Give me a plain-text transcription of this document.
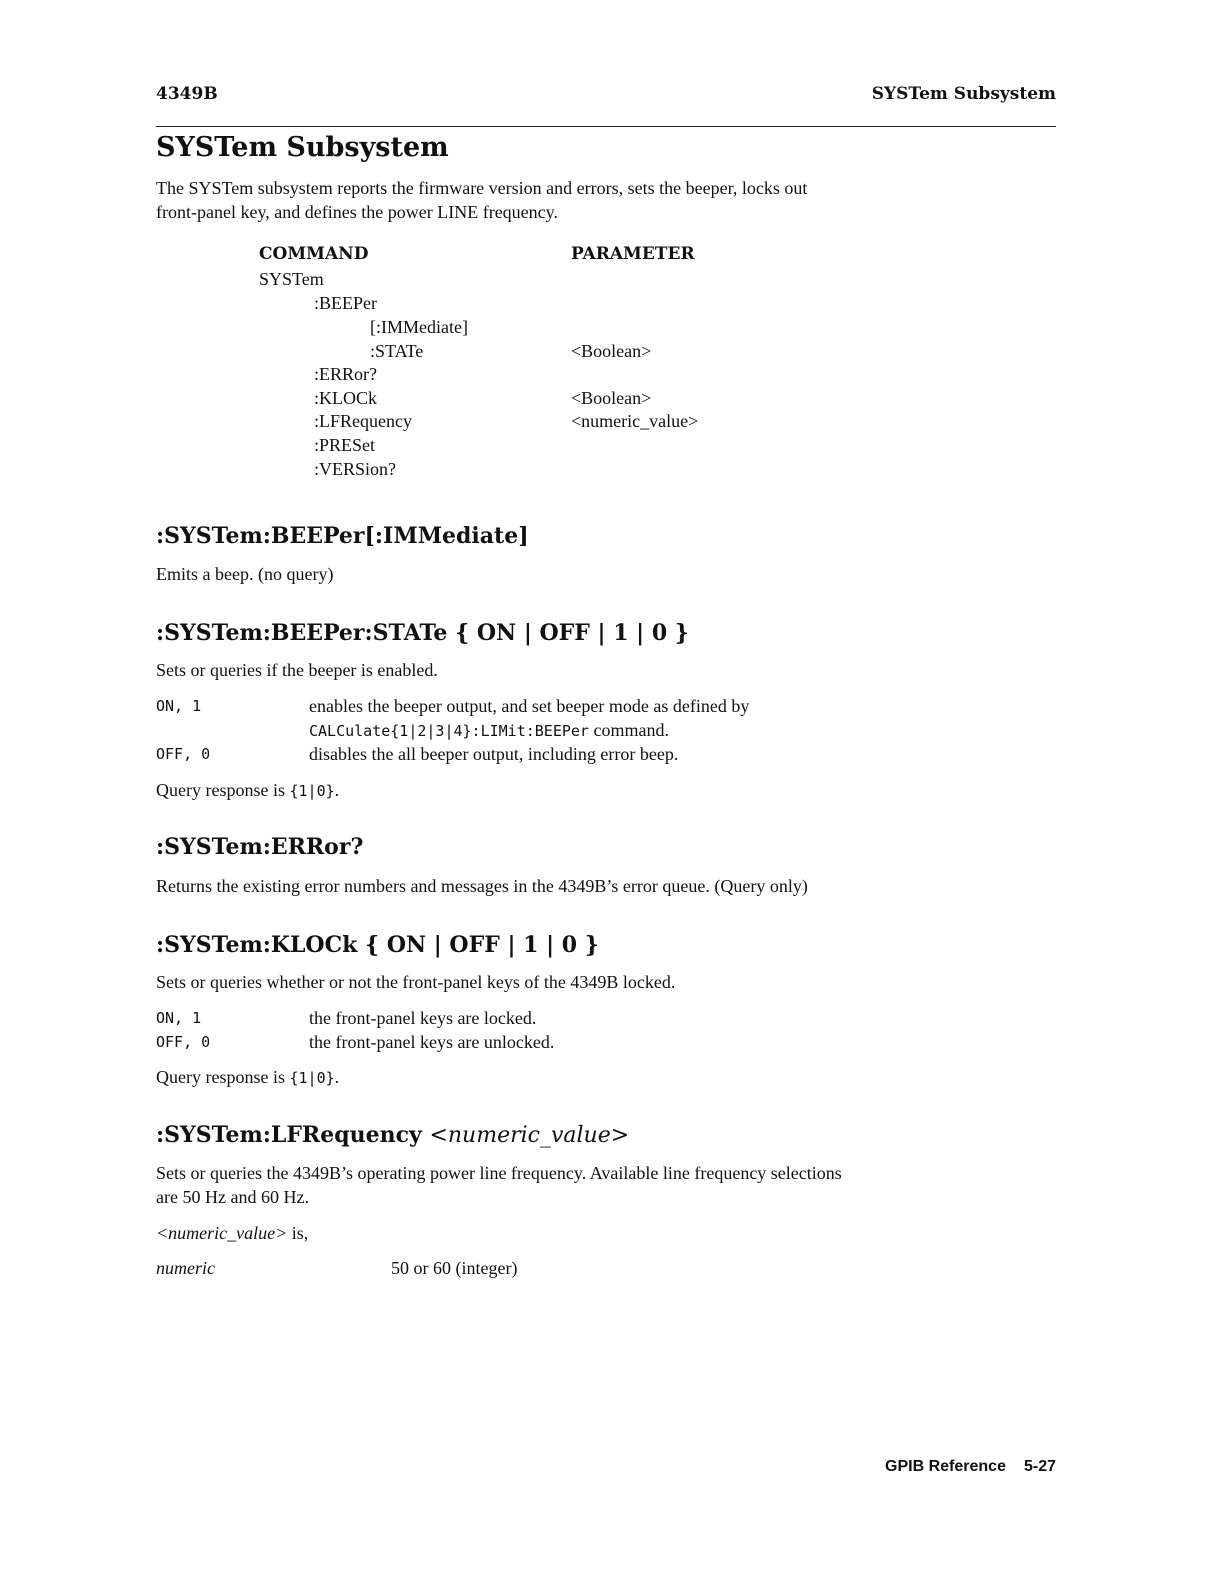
4349B	SYSTem Subsystem
SYSTem Subsystem
The SYSTem subsystem reports the firmware version and errors, sets the beeper, locks out
front-panel key, and defines the power LINE frequency.
COMMAND	PARAMETER
SYSTem
:BEEPer
[:IMMediate]
:STATe	<Boolean>
:ERRor?
:KLOCk	<Boolean>
:LFRequency	<numeric_value>
:PRESet
:VERSion?
:SYSTem:BEEPer[:IMMediate]
Emits a beep. (no query)
:SYSTem:BEEPer:STATe { ON | OFF | 1 | 0 }
Sets or queries if the beeper is enabled.
ON, 1	enables the beeper output, and set beeper mode as defined by
CALCulate{1|2|3|4}:LIMit:BEEPer command.
OFF, 0	disables the all beeper output, including error beep.
Query response is {1|0}.
:SYSTem:ERRor?
Returns the existing error numbers and messages in the 4349B’s error queue. (Query only)
:SYSTem:KLOCk { ON | OFF | 1 | 0 }
Sets or queries whether or not the front-panel keys of the 4349B locked.
ON, 1	the front-panel keys are locked.
OFF, 0	the front-panel keys are unlocked.
Query response is {1|0}.
:SYSTem:LFRequency <numeric_value>
Sets or queries the 4349B’s operating power line frequency. Available line frequency selections
are 50 Hz and 60 Hz.
<numeric_value> is,
numeric	50 or 60 (integer)
GPIB Reference 5-27
